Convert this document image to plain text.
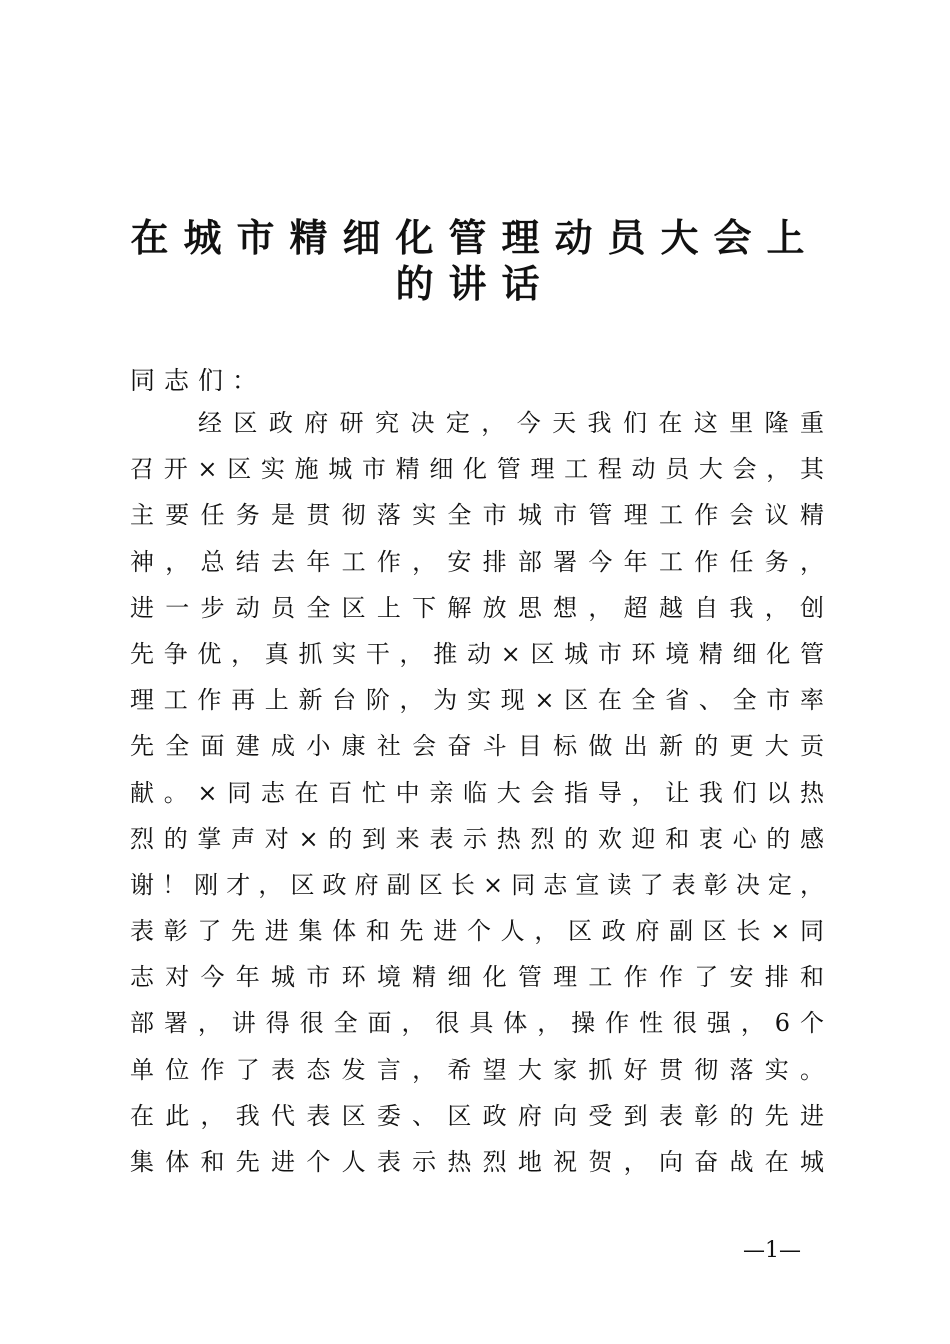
在城市精细化管理动员大会上
的讲话
同志们：
经区政府研究决定，今天我们在这里隆重
召开×区实施城市精细化管理工程动员大会，其
主要任务是贯彻落实全市城市管理工作会议精
神，总结去年工作，安排部署今年工作任务，
进一步动员全区上下解放思想，超越自我，创
先争优，真抓实干，推动×区城市环境精细化管
理工作再上新台阶，为实现×区在全省、全市率
先全面建成小康社会奋斗目标做出新的更大贡
献。×同志在百忙中亲临大会指导，让我们以热
烈的掌声对×的到来表示热烈的欢迎和衷心的感
谢！刚才，区政府副区长×同志宣读了表彰决定，
表彰了先进集体和先进个人，区政府副区长×同
志对今年城市环境精细化管理工作作了安排和
部署，讲得很全面，很具体，操作性很强，6个
单位作了表态发言，希望大家抓好贯彻落实。
在此，我代表区委、区政府向受到表彰的先进
集体和先进个人表示热烈地祝贺，向奋战在城
—1—
